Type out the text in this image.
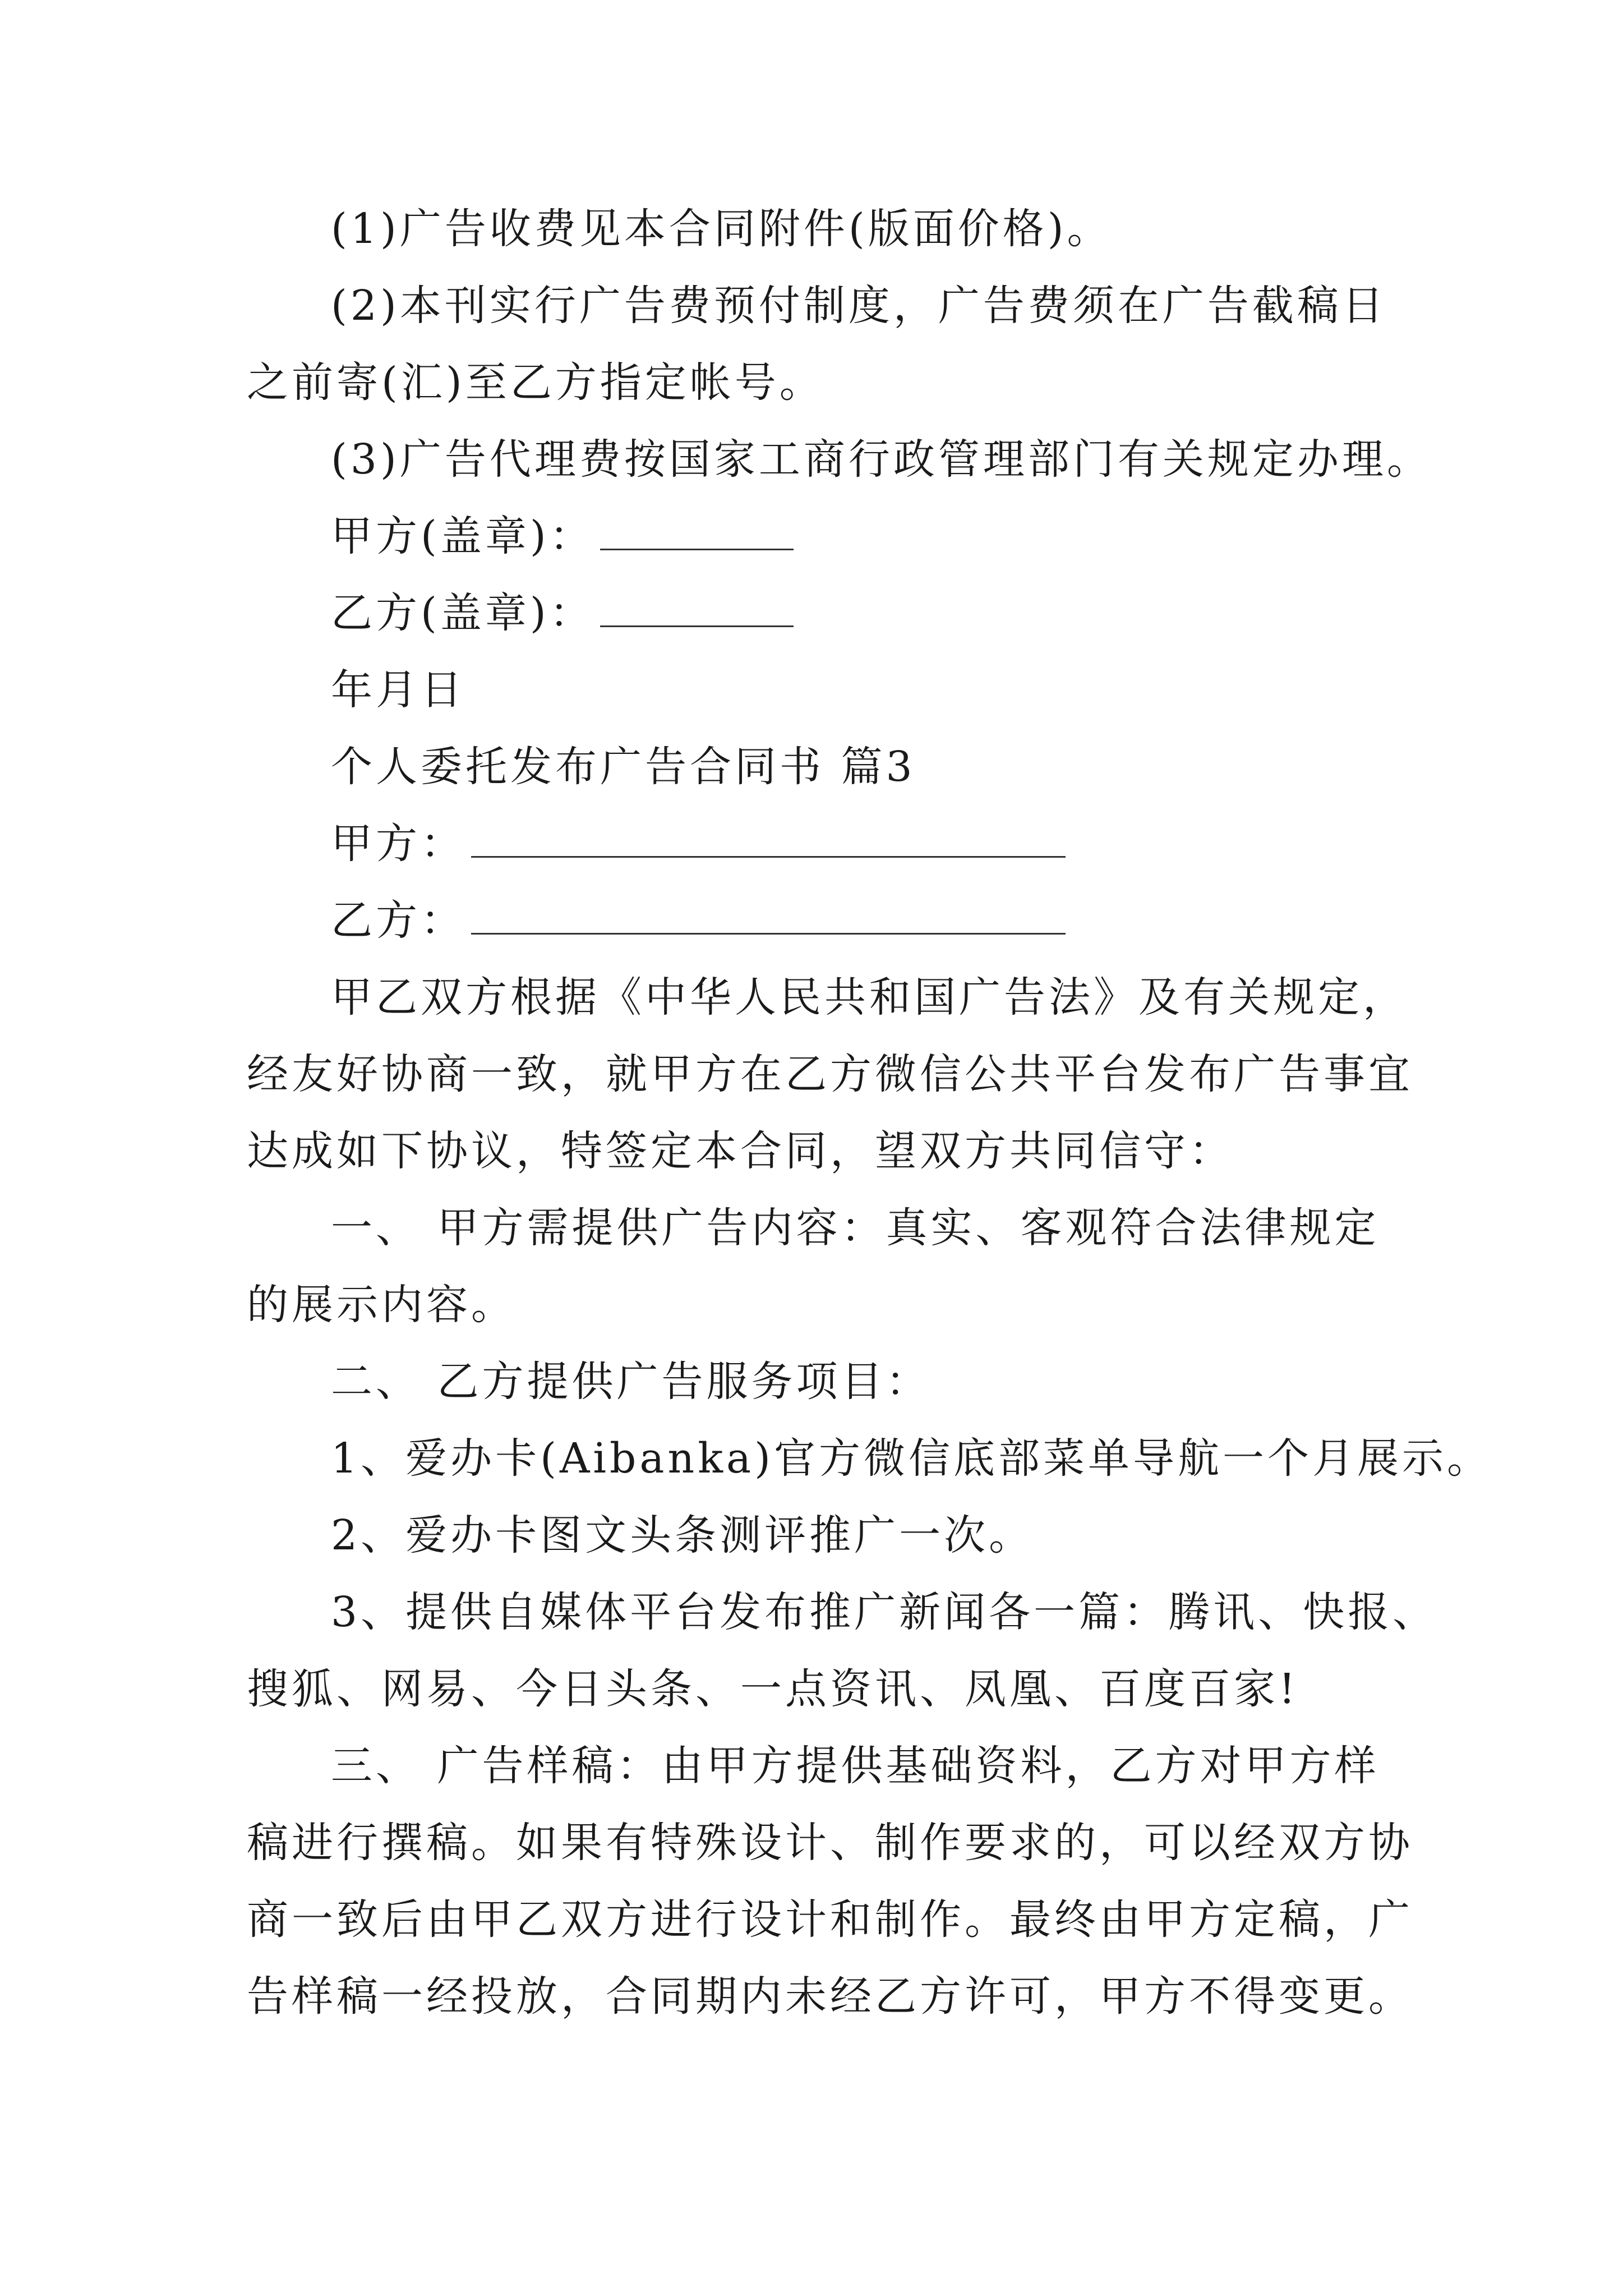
(1)广告收费见本合同附件(版面价格)。
(2)本刊实行广告费预付制度，广告费须在广告截稿日
之前寄(汇)至乙方指定帐号。
(3)广告代理费按国家工商行政管理部门有关规定办理。
甲方(盖章)：
乙方(盖章)：
年月日
个人委托发布广告合同书 篇3
甲方：
乙方：
甲乙双方根据《中华人民共和国广告法》及有关规定，
经友好协商一致，就甲方在乙方微信公共平台发布广告事宜
达成如下协议，特签定本合同，望双方共同信守：
一、 甲方需提供广告内容：真实、客观符合法律规定
的展示内容。
二、 乙方提供广告服务项目：
1、爱办卡(Aibanka)官方微信底部菜单导航一个月展示。
2、爱办卡图文头条测评推广一次。
3、提供自媒体平台发布推广新闻各一篇：腾讯、快报、
搜狐、网易、今日头条、一点资讯、凤凰、百度百家!
三、 广告样稿：由甲方提供基础资料，乙方对甲方样
稿进行撰稿。如果有特殊设计、制作要求的，可以经双方协
商一致后由甲乙双方进行设计和制作。最终由甲方定稿，广
告样稿一经投放，合同期内未经乙方许可，甲方不得变更。
